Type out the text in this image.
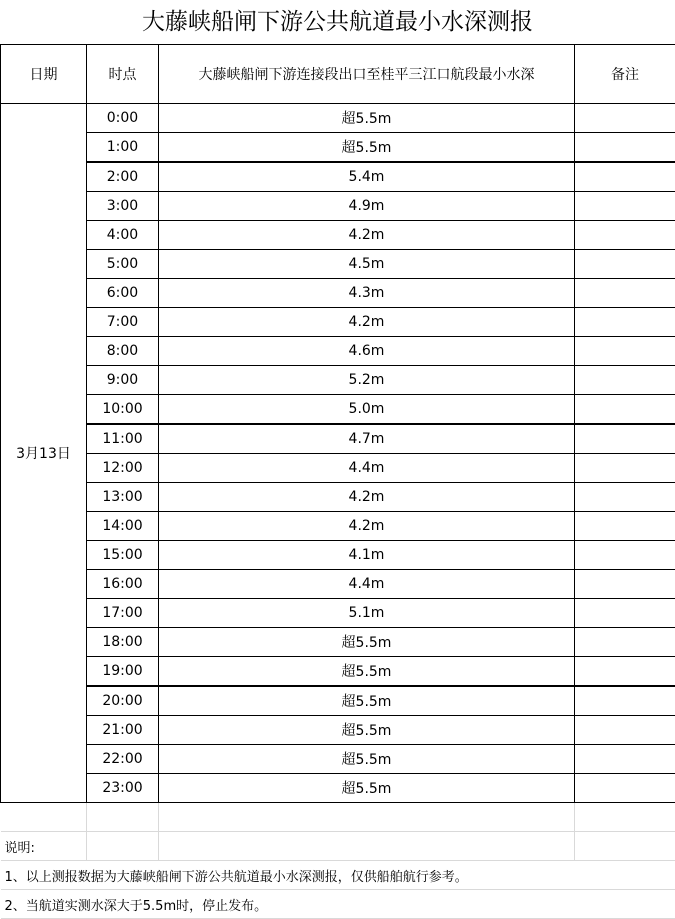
大藤峡船闸下游公共航道最小水深测报
日期	时点	大藤峡船闸下游连接段出口至桂平三江口航段最小水深	备注
3月13日	0:00	超5.5m	
	1:00	超5.5m	
	2:00	5.4m	
	3:00	4.9m	
	4:00	4.2m	
	5:00	4.5m	
	6:00	4.3m	
	7:00	4.2m	
	8:00	4.6m	
	9:00	5.2m	
	10:00	5.0m	
	11:00	4.7m	
	12:00	4.4m	
	13:00	4.2m	
	14:00	4.2m	
	15:00	4.1m	
	16:00	4.4m	
	17:00	5.1m	
	18:00	超5.5m	
	19:00	超5.5m	
	20:00	超5.5m	
	21:00	超5.5m	
	22:00	超5.5m	
	23:00	超5.5m	

说明:			
1、以上测报数据为大藤峡船闸下游公共航道最小水深测报，仅供船舶航行参考。			
2、当航道实测水深大于5.5m时，停止发布。			
